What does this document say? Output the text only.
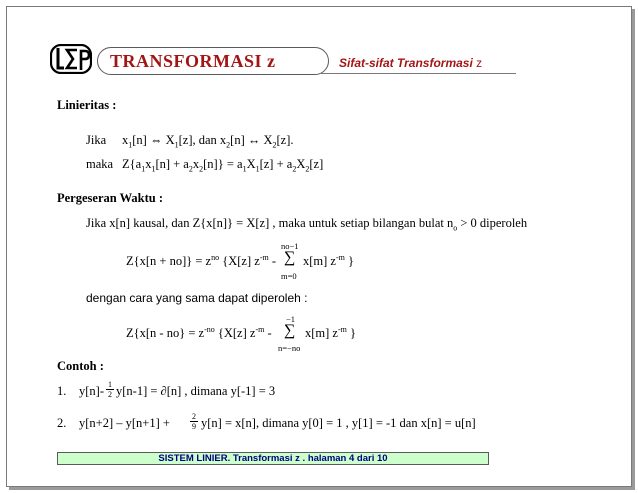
TRANSFORMASI z	Sifat-sifat Transformasi z
Linieritas :
Jika $x_1[n]$ ⇔ $X_1[z]$, dan $x_2[n]$ ↔ $X_2[z]$.
maka $Z\{a_1x_1[n] + a_2x_2[n]\} = a_1X_1[z] + a_2X_2[z]$
Pergeseran Waktu :
Jika x[n] kausal, dan Z{x[n]} = X[z] , maka untuk setiap bilangan bulat $n_o > 0$ diperoleh
no−1
∑
m=0
$Z\{x[n + no]\} = z^{no}$ {X[z] $z^{-m} - x[m]$ $z^{-m}$ }
dengan cara yang sama dapat diperoleh :
−1
∑
n=−no
$Z\{x[n - no\} = z^{-no}$ {X[z] $z^{-m}$ -	x[m] $z^{-m}$ }
Contoh :
1. $y[n]- \frac{1}{2} y[n-1] = \partial[n]$ , dimana y[-1] = 3
2. y[n+2] – y[n+1] +	$\frac{2}{9} y[n] = x[n]$, dimana y[0] = 1 , y[1] = -1 dan x[n] = u[n]
SISTEM LINIER. Transformasi z . halaman 4 dari 10
